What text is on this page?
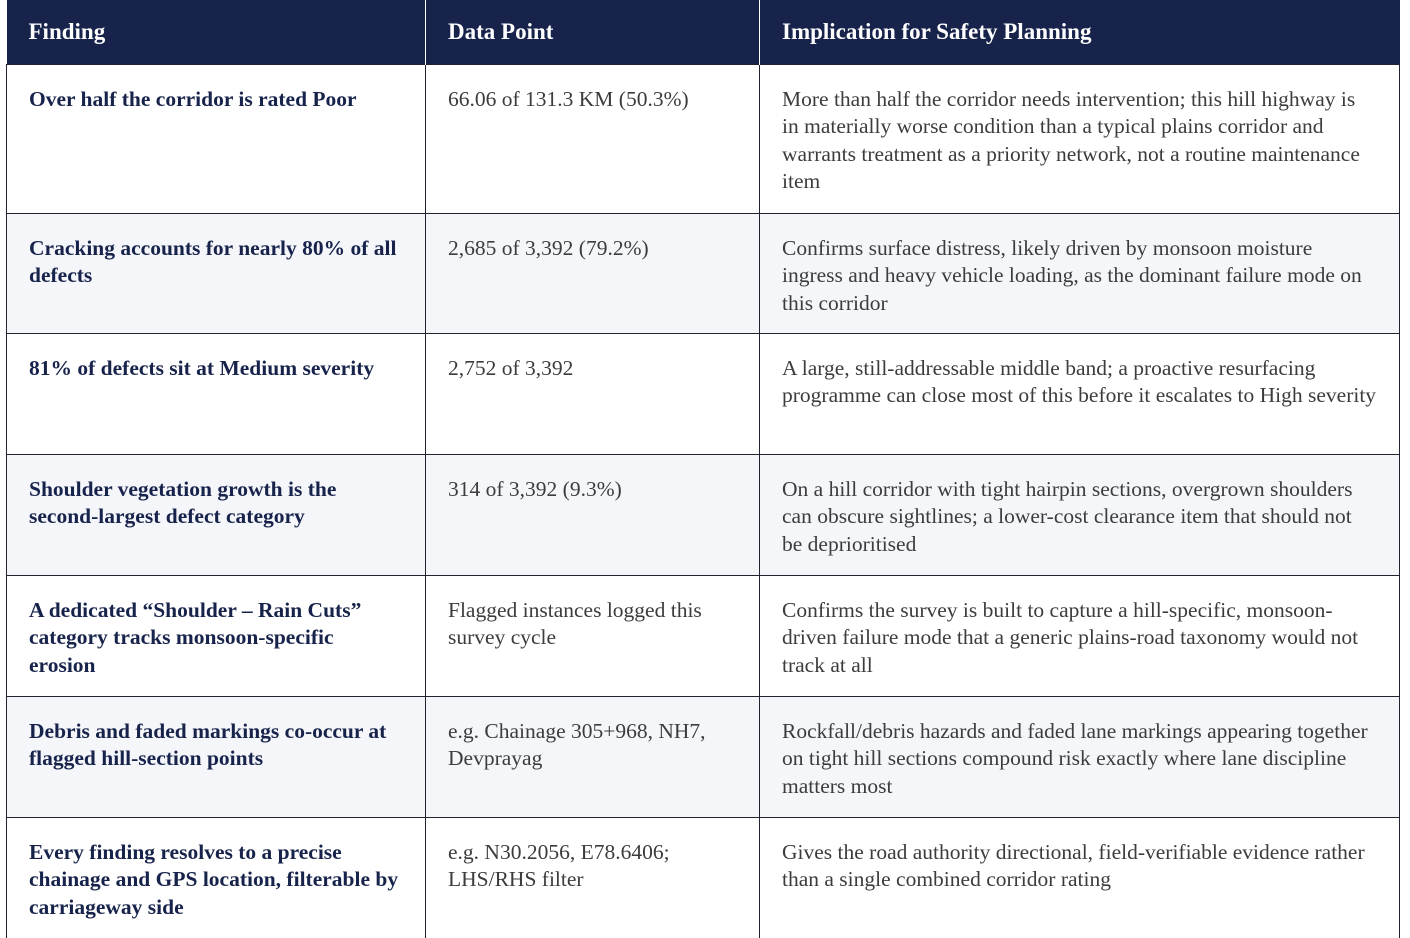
Finding	Data Point	Implication for Safety Planning
Over half the corridor is rated Poor	66.06 of 131.3 KM (50.3%)	More than half the corridor needs intervention; this hill highway is in materially worse condition than a typical plains corridor and warrants treatment as a priority network, not a routine maintenance item
Cracking accounts for nearly 80% of all defects	2,685 of 3,392 (79.2%)	Confirms surface distress, likely driven by monsoon moisture ingress and heavy vehicle loading, as the dominant failure mode on this corridor
81% of defects sit at Medium severity	2,752 of 3,392	A large, still-addressable middle band; a proactive resurfacing programme can close most of this before it escalates to High severity
Shoulder vegetation growth is the second-largest defect category	314 of 3,392 (9.3%)	On a hill corridor with tight hairpin sections, overgrown shoulders can obscure sightlines; a lower-cost clearance item that should not be deprioritised
A dedicated “Shoulder – Rain Cuts” category tracks monsoon-specific erosion	Flagged instances logged this survey cycle	Confirms the survey is built to capture a hill-specific, monsoon-driven failure mode that a generic plains-road taxonomy would not track at all
Debris and faded markings co-occur at flagged hill-section points	e.g. Chainage 305+968, NH7, Devprayag	Rockfall/debris hazards and faded lane markings appearing together on tight hill sections compound risk exactly where lane discipline matters most
Every finding resolves to a precise chainage and GPS location, filterable by carriageway side	e.g. N30.2056, E78.6406; LHS/RHS filter	Gives the road authority directional, field-verifiable evidence rather than a single combined corridor rating
